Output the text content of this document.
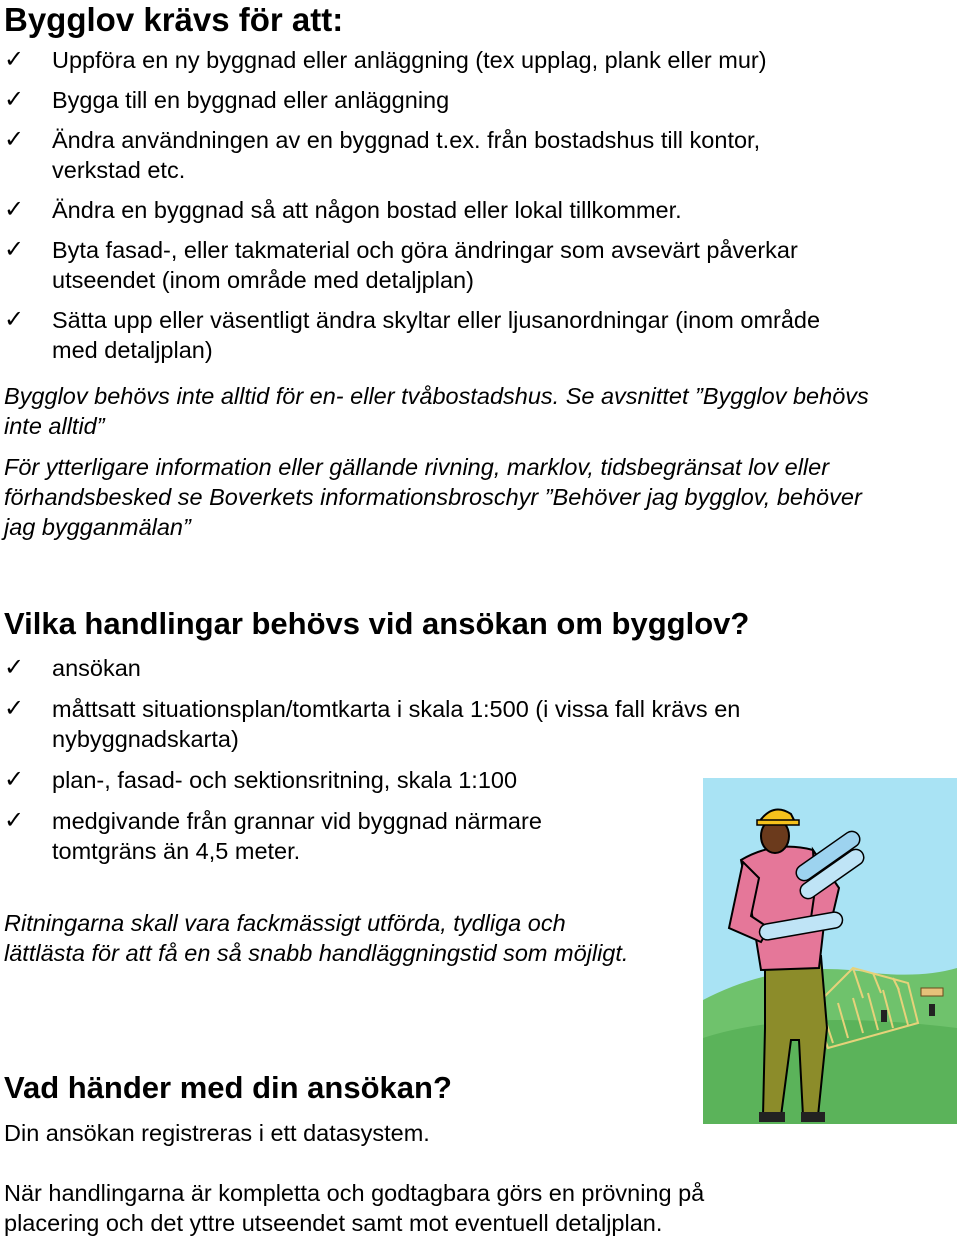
Bygglov krävs för att:
✓ Uppföra en ny byggnad eller anläggning (tex upplag, plank eller mur)
✓ Bygga till en byggnad eller anläggning
✓ Ändra användningen av en byggnad t.ex. från bostadshus till kontor, verkstad etc.
✓ Ändra en byggnad så att någon bostad eller lokal tillkommer.
✓ Byta fasad-, eller takmaterial och göra ändringar som avsevärt påverkar utseendet (inom område med detaljplan)
✓ Sätta upp eller väsentligt ändra skyltar eller ljusanordningar (inom område med detaljplan)

Bygglov behövs inte alltid för en- eller tvåbostadshus. Se avsnittet ”Bygglov behövs inte alltid”

För ytterligare information eller gällande rivning, marklov, tidsbegränsat lov eller förhandsbesked se Boverkets informationsbroschyr ”Behöver jag bygglov, behöver jag bygganmälan”

Vilka handlingar behövs vid ansökan om bygglov?
✓ ansökan
✓ måttsatt situationsplan/tomtkarta i skala 1:500 (i vissa fall krävs en nybyggnadskarta)
✓ plan-, fasad- och sektionsritning, skala 1:100
✓ medgivande från grannar vid byggnad närmare tomtgräns än 4,5 meter.

Ritningarna skall vara fackmässigt utförda, tydliga och lättlästa för att få en så snabb handläggningstid som möjligt.

Vad händer med din ansökan?

Din ansökan registreras i ett datasystem.

När handlingarna är kompletta och godtagbara görs en prövning på placering och det yttre utseendet samt mot eventuell detaljplan.
